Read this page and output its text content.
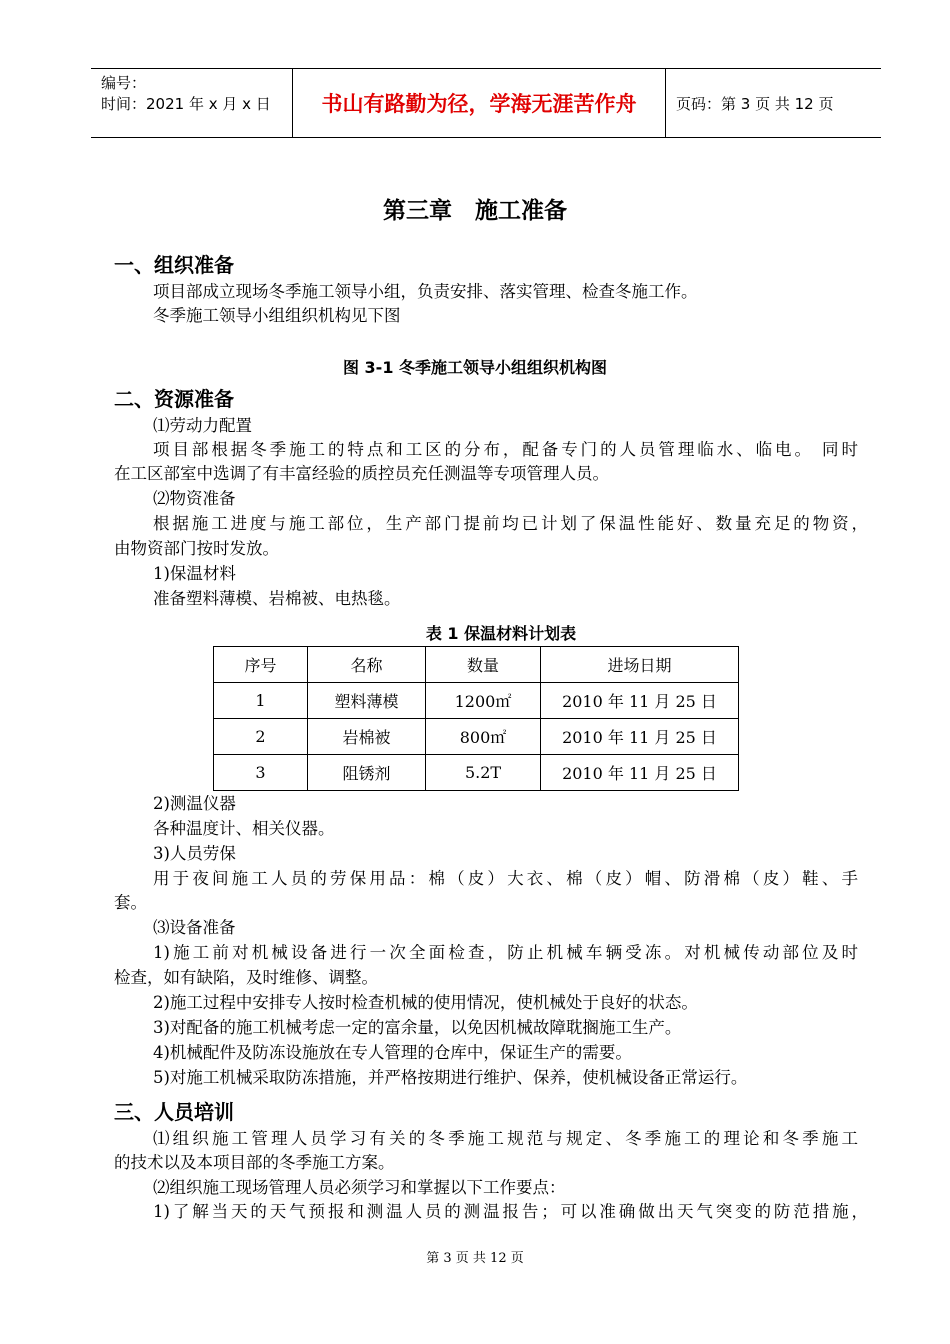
编号：
时间：2021 年 x 月 x 日	书山有路勤为径，学海无涯苦作舟	页码：第 3 页 共 12 页
第三章　施工准备
一、组织准备
项目部成立现场冬季施工领导小组，负责安排、落实管理、检查冬施工作。
冬季施工领导小组组织机构见下图
图 3-1 冬季施工领导小组组织机构图
二、资源准备
⑴劳动力配置
项目部根据冬季施工的特点和工区的分布，配备专门的人员管理临水、临电。 同时
在工区部室中选调了有丰富经验的质控员充任测温等专项管理人员。
⑵物资准备
根据施工进度与施工部位，生产部门提前均已计划了保温性能好、数量充足的物资，
由物资部门按时发放。
1)保温材料
准备塑料薄模、岩棉被、电热毯。
表 1 保温材料计划表
序号	名称	数量	进场日期
1	塑料薄模	1200㎡	2010 年 11 月 25 日
2	岩棉被	800㎡	2010 年 11 月 25 日
3	阻锈剂	5.2T	2010 年 11 月 25 日
2)测温仪器
各种温度计、相关仪器。
3)人员劳保
用于夜间施工人员的劳保用品：棉（皮）大衣、棉（皮）帽、防滑棉（皮）鞋、手
套。
⑶设备准备
1)施工前对机械设备进行一次全面检查，防止机械车辆受冻。对机械传动部位及时
检查，如有缺陷，及时维修、调整。
2)施工过程中安排专人按时检查机械的使用情况，使机械处于良好的状态。
3)对配备的施工机械考虑一定的富余量，以免因机械故障耽搁施工生产。
4)机械配件及防冻设施放在专人管理的仓库中，保证生产的需要。
5)对施工机械采取防冻措施，并严格按期进行维护、保养，使机械设备正常运行。
三、人员培训
⑴组织施工管理人员学习有关的冬季施工规范与规定、冬季施工的理论和冬季施工
的技术以及本项目部的冬季施工方案。
⑵组织施工现场管理人员必须学习和掌握以下工作要点：
1)了解当天的天气预报和测温人员的测温报告；可以准确做出天气突变的防范措施，
第 3 页 共 12 页
